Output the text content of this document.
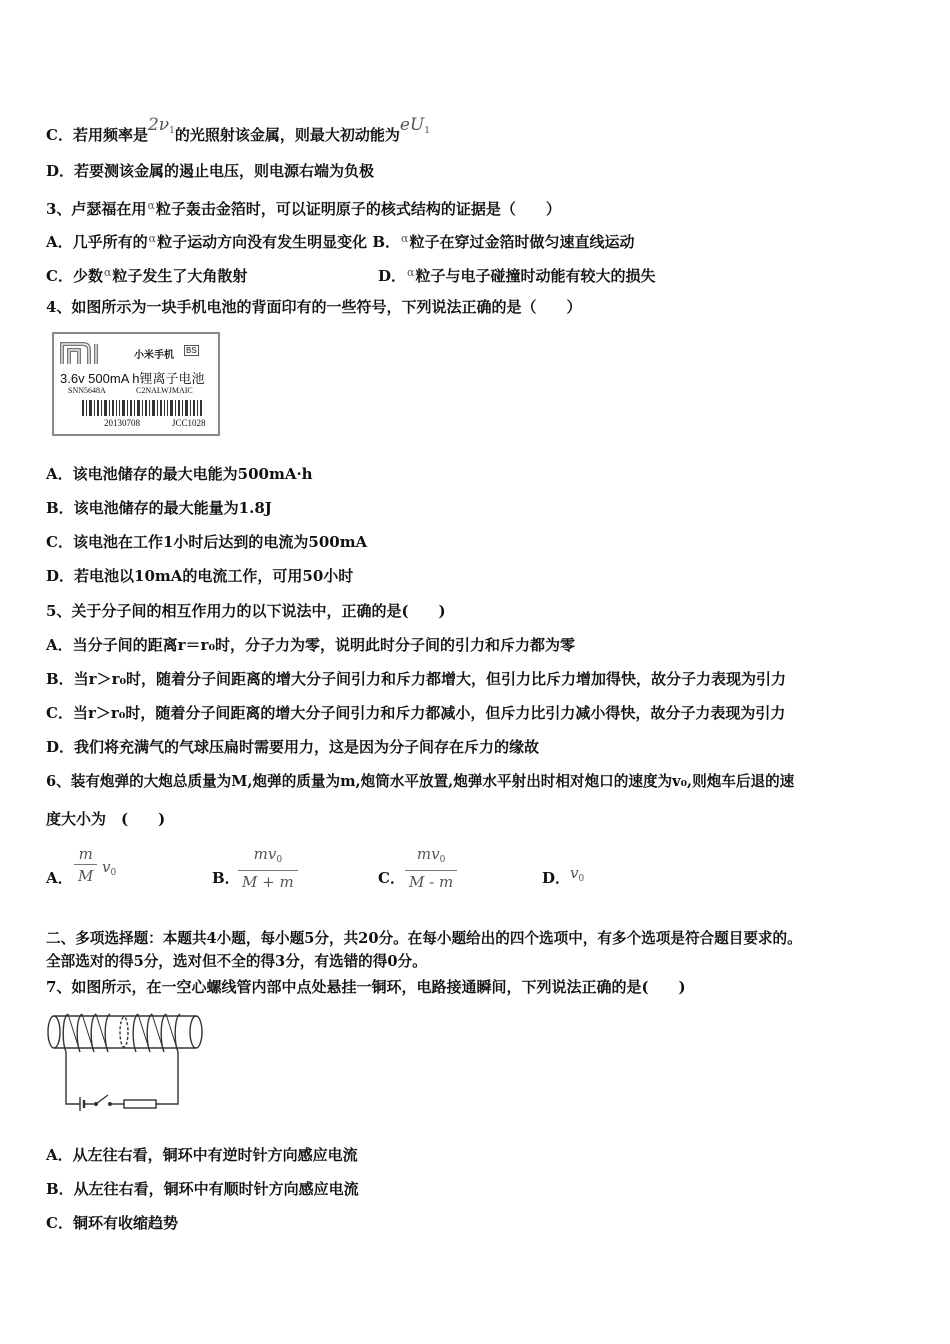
C．若用频率是$2\nu_1$的光照射该金属，则最大初动能为$eU_1$
D．若要测该金属的遏止电压，则电源右端为负极
3、卢瑟福在用$^\alpha$粒子轰击金箔时，可以证明原子的核式结构的证据是（　　）
A．几乎所有的$^\alpha$粒子运动方向没有发生明显变化 B．$^\alpha$粒子在穿过金箔时做匀速直线运动
C．少数$^\alpha$粒子发生了大角散射	D．$^\alpha$粒子与电子碰撞时动能有较大的损失
4、如图所示为一块手机电池的背面印有的一些符号，下列说法正确的是（　　）
小米手机 BS
3.6v 500mA h锂离子电池
SNN5648A	C2NALWJMAIC
20130708	JCC1028
A．该电池储存的最大电能为500mA·h
B．该电池储存的最大能量为1.8J
C．该电池在工作1小时后达到的电流为500mA
D．若电池以10mA的电流工作，可用50小时
5、关于分子间的相互作用力的以下说法中，正确的是(　　)
A．当分子间的距离r＝r₀时，分子力为零，说明此时分子间的引力和斥力都为零
B．当r＞r₀时，随着分子间距离的增大分子间引力和斥力都增大，但引力比斥力增加得快，故分子力表现为引力
C．当r＞r₀时，随着分子间距离的增大分子间引力和斥力都减小，但斥力比引力减小得快，故分子力表现为引力
D．我们将充满气的气球压扁时需要用力，这是因为分子间存在斥力的缘故
6、装有炮弹的大炮总质量为M,炮弹的质量为m,炮筒水平放置,炮弹水平射出时相对炮口的速度为v₀,则炮车后退的速
度大小为　(　　)
A． $\frac{m}{M} v_0$	B．
$\frac{mv_0}{M + m}$	C． $\frac{mv_0}{M - m}$	D． $v_0$
二、多项选择题：本题共4小题，每小题5分，共20分。在每小题给出的四个选项中，有多个选项是符合题目要求的。
全部选对的得5分，选对但不全的得3分，有选错的得0分。
7、如图所示，在一空心螺线管内部中点处悬挂一铜环，电路接通瞬间，下列说法正确的是(　　)
A．从左往右看，铜环中有逆时针方向感应电流
B．从左往右看，铜环中有顺时针方向感应电流
C．铜环有收缩趋势
